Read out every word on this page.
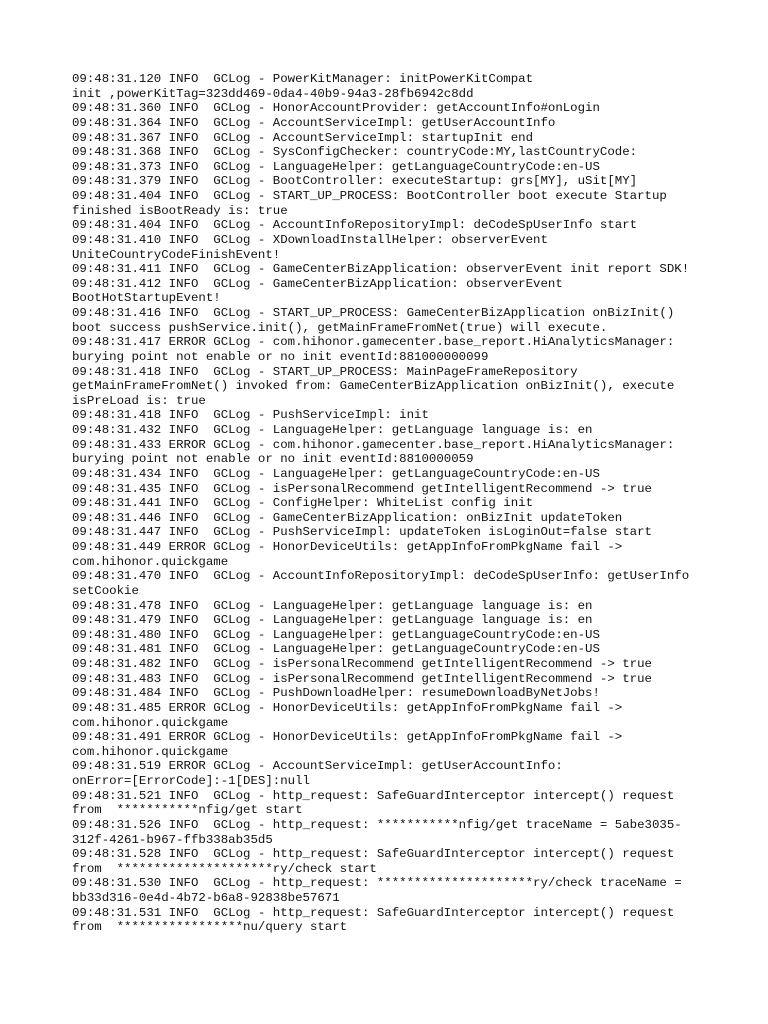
09:48:31.120 INFO  GCLog - PowerKitManager: initPowerKitCompat
init ,powerKitTag=323dd469-0da4-40b9-94a3-28fb6942c8dd
09:48:31.360 INFO  GCLog - HonorAccountProvider: getAccountInfo#onLogin
09:48:31.364 INFO  GCLog - AccountServiceImpl: getUserAccountInfo
09:48:31.367 INFO  GCLog - AccountServiceImpl: startupInit end
09:48:31.368 INFO  GCLog - SysConfigChecker: countryCode:MY,lastCountryCode:
09:48:31.373 INFO  GCLog - LanguageHelper: getLanguageCountryCode:en-US
09:48:31.379 INFO  GCLog - BootController: executeStartup: grs[MY], uSit[MY]
09:48:31.404 INFO  GCLog - START_UP_PROCESS: BootController boot execute Startup
finished isBootReady is: true
09:48:31.404 INFO  GCLog - AccountInfoRepositoryImpl: deCodeSpUserInfo start
09:48:31.410 INFO  GCLog - XDownloadInstallHelper: observerEvent
UniteCountryCodeFinishEvent!
09:48:31.411 INFO  GCLog - GameCenterBizApplication: observerEvent init report SDK!
09:48:31.412 INFO  GCLog - GameCenterBizApplication: observerEvent
BootHotStartupEvent!
09:48:31.416 INFO  GCLog - START_UP_PROCESS: GameCenterBizApplication onBizInit()
boot success pushService.init(), getMainFrameFromNet(true) will execute.
09:48:31.417 ERROR GCLog - com.hihonor.gamecenter.base_report.HiAnalyticsManager:
burying point not enable or no init eventId:881000000099
09:48:31.418 INFO  GCLog - START_UP_PROCESS: MainPageFrameRepository
getMainFrameFromNet() invoked from: GameCenterBizApplication onBizInit(), execute
isPreLoad is: true
09:48:31.418 INFO  GCLog - PushServiceImpl: init
09:48:31.432 INFO  GCLog - LanguageHelper: getLanguage language is: en
09:48:31.433 ERROR GCLog - com.hihonor.gamecenter.base_report.HiAnalyticsManager:
burying point not enable or no init eventId:8810000059
09:48:31.434 INFO  GCLog - LanguageHelper: getLanguageCountryCode:en-US
09:48:31.435 INFO  GCLog - isPersonalRecommend getIntelligentRecommend -> true
09:48:31.441 INFO  GCLog - ConfigHelper: WhiteList config init
09:48:31.446 INFO  GCLog - GameCenterBizApplication: onBizInit updateToken
09:48:31.447 INFO  GCLog - PushServiceImpl: updateToken isLoginOut=false start
09:48:31.449 ERROR GCLog - HonorDeviceUtils: getAppInfoFromPkgName fail ->
com.hihonor.quickgame
09:48:31.470 INFO  GCLog - AccountInfoRepositoryImpl: deCodeSpUserInfo: getUserInfo
setCookie
09:48:31.478 INFO  GCLog - LanguageHelper: getLanguage language is: en
09:48:31.479 INFO  GCLog - LanguageHelper: getLanguage language is: en
09:48:31.480 INFO  GCLog - LanguageHelper: getLanguageCountryCode:en-US
09:48:31.481 INFO  GCLog - LanguageHelper: getLanguageCountryCode:en-US
09:48:31.482 INFO  GCLog - isPersonalRecommend getIntelligentRecommend -> true
09:48:31.483 INFO  GCLog - isPersonalRecommend getIntelligentRecommend -> true
09:48:31.484 INFO  GCLog - PushDownloadHelper: resumeDownloadByNetJobs!
09:48:31.485 ERROR GCLog - HonorDeviceUtils: getAppInfoFromPkgName fail ->
com.hihonor.quickgame
09:48:31.491 ERROR GCLog - HonorDeviceUtils: getAppInfoFromPkgName fail ->
com.hihonor.quickgame
09:48:31.519 ERROR GCLog - AccountServiceImpl: getUserAccountInfo:
onError=[ErrorCode]:-1[DES]:null
09:48:31.521 INFO  GCLog - http_request: SafeGuardInterceptor intercept() request
from  ***********nfig/get start
09:48:31.526 INFO  GCLog - http_request: ***********nfig/get traceName = 5abe3035-
312f-4261-b967-ffb338ab35d5
09:48:31.528 INFO  GCLog - http_request: SafeGuardInterceptor intercept() request
from  *********************ry/check start
09:48:31.530 INFO  GCLog - http_request: *********************ry/check traceName =
bb33d316-0e4d-4b72-b6a8-92838be57671
09:48:31.531 INFO  GCLog - http_request: SafeGuardInterceptor intercept() request
from  *****************nu/query start
